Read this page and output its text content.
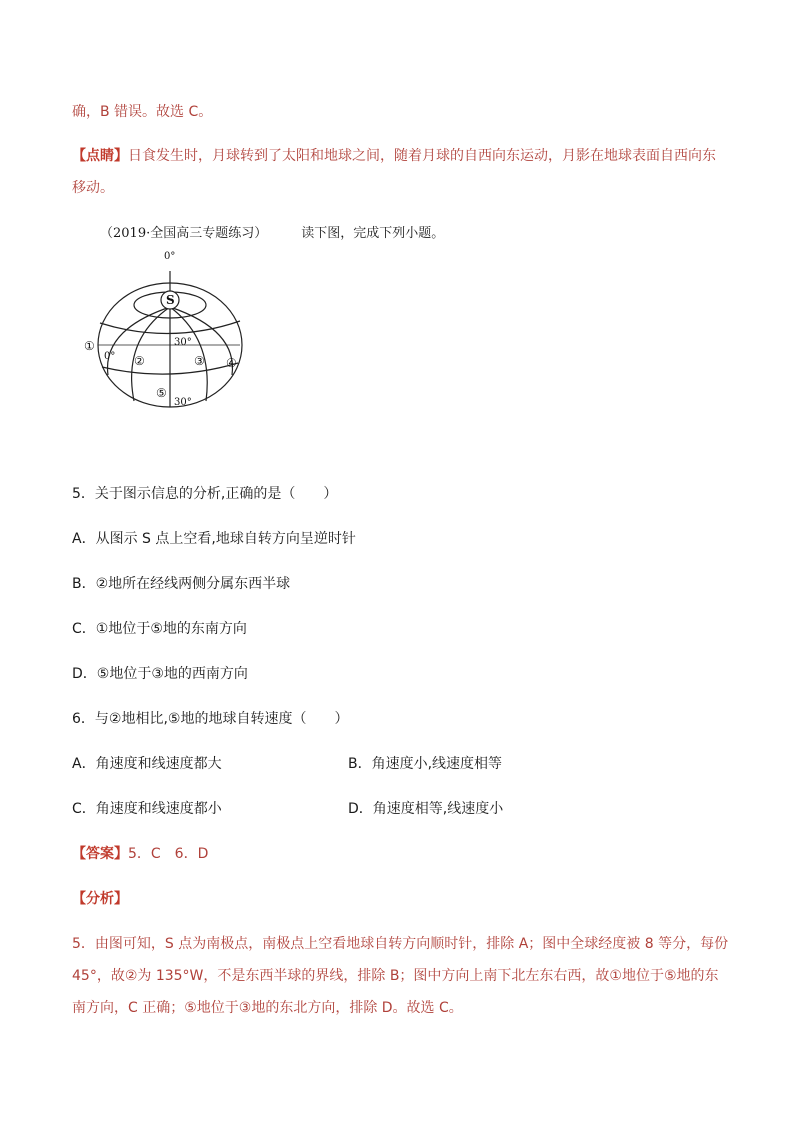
确，B 错误。故选 C。
【点睛】日食发生时，月球转到了太阳和地球之间，随着月球的自西向东运动，月影在地球表面自西向东
移动。
（2019·全国高三专题练习）	读下图，完成下列小题。
S
0°
0°
30°
30°
①
②	③ ④
⑤
5．关于图示信息的分析,正确的是（　　）
A．从图示 S 点上空看,地球自转方向呈逆时针
B．②地所在经线两侧分属东西半球
C．①地位于⑤地的东南方向
D．⑤地位于③地的西南方向
6．与②地相比,⑤地的地球自转速度（　　）
A．角速度和线速度都大	B．角速度小,线速度相等
C．角速度和线速度都小	D．角速度相等,线速度小
【答案】5．C　6．D
【分析】
5．由图可知，S 点为南极点，南极点上空看地球自转方向顺时针，排除 A；图中全球经度被 8 等分，每份
45°，故②为 135°W，不是东西半球的界线，排除 B；图中方向上南下北左东右西，故①地位于⑤地的东
南方向，C 正确；⑤地位于③地的东北方向，排除 D。故选 C。
